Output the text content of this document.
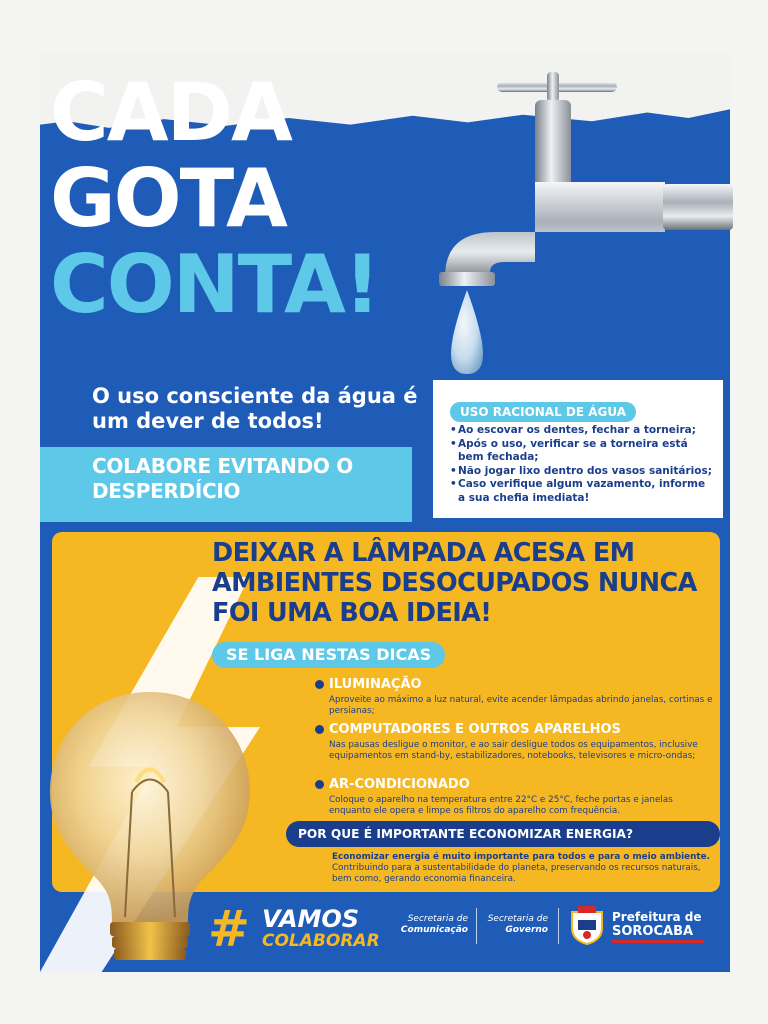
CADA
GOTA
CONTA!

O uso consciente da água é um dever de todos!

COLABORE EVITANDO O DESPERDÍCIO

USO RACIONAL DE ÁGUA
• Ao escovar os dentes, fechar a torneira;
• Após o uso, verificar se a torneira está bem fechada;
• Não jogar lixo dentro dos vasos sanitários;
• Caso verifique algum vazamento, informe a sua chefia imediata!
DEIXAR A LÂMPADA ACESA EM AMBIENTES DESOCUPADOS NUNCA FOI UMA BOA IDEIA!
SE LIGA NESTAS DICAS

ILUMINAÇÃO

Aproveite ao máximo a luz natural, evite acender lâmpadas abrindo janelas, cortinas e persianas;

COMPUTADORES E OUTROS APARELHOS

Nas pausas desligue o monitor, e ao sair desligue todos os equipamentos, inclusive equipamentos em stand-by, estabilizadores, notebooks, televisores e micro-ondas;

AR-CONDICIONADO

Coloque o aparelho na temperatura entre 22°C e 25°C, feche portas e janelas enquanto ele opera e limpe os filtros do aparelho com frequência.

POR QUE É IMPORTANTE ECONOMIZAR ENERGIA?

Economizar energia é muito importante para todos e para o meio ambiente. Contribuindo para a sustentabilidade do planeta, preservando os recursos naturais, bem como, gerando economia financeira.

# VAMOS
COLABORAR
Secretaria de
Comunicação
Secretaria de
Governo
Prefeitura de
SOROCABA
